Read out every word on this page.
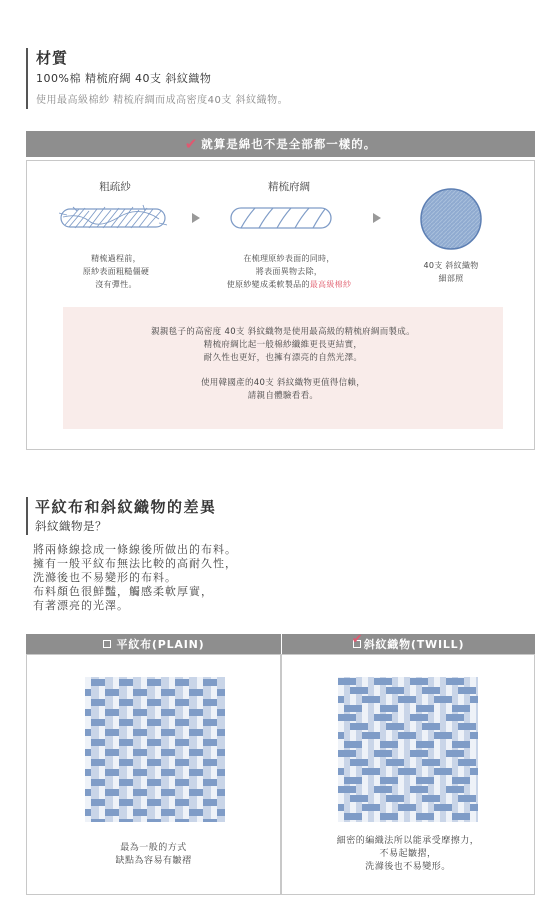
材質
100%棉 精梳府綢 40支 斜紋織物
使用最高級棉紗 精梳府綢而成高密度40支 斜紋織物。
✔ 就算是綿也不是全部都一樣的。
粗疏紗	精梳府綢
精梳過程前，
原紗表面粗糙僵硬
沒有彈性。
在梳理原紗表面的同時，
將表面異物去除，
使原紗變成柔軟製品的最高級棉紗
40支 斜紋織物
細部照

親親毯子的高密度 40支 斜紋織物是使用最高級的精梳府綢而製成。

精梳府綢比起一般棉紗纖維更長更結實，

耐久性也更好，也擁有漂亮的自然光澤。

使用韓國產的40支 斜紋織物更值得信賴，

請親自體驗看看。

平紋布和斜紋織物的差異
斜紋織物是？
將兩條線捻成一條線後所做出的布料。
擁有一般平紋布無法比較的高耐久性，
洗滌後也不易變形的布料。
布料顏色很鮮豔，觸感柔軟厚實，
有著漂亮的光澤。
平紋布(PLAIN)	✔ 斜紋織物(TWILL)
最為一般的方式
缺點為容易有皺褶
細密的編織法所以能承受摩擦力，
不易起皺摺，
洗滌後也不易變形。
